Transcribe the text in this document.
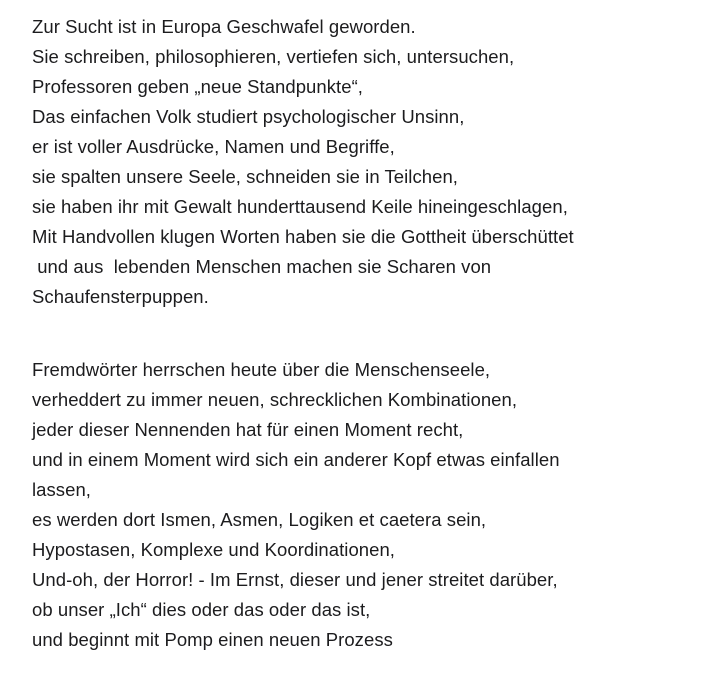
Zur Sucht ist in Europa Geschwafel geworden.
Sie schreiben, philosophieren, vertiefen sich, untersuchen,
Professoren geben „neue Standpunkte“,
Das einfachen Volk studiert psychologischer Unsinn,
er ist voller Ausdrücke, Namen und Begriffe,
sie spalten unsere Seele, schneiden sie in Teilchen,
sie haben ihr mit Gewalt hunderttausend Keile hineingeschlagen,
Mit Handvollen klugen Worten haben sie die Gottheit überschüttet
und aus  lebenden Menschen machen sie Scharen von
Schaufensterpuppen.
Fremdwörter herrschen heute über die Menschenseele,
verheddert zu immer neuen, schrecklichen Kombinationen,
jeder dieser Nennenden hat für einen Moment recht,
und in einem Moment wird sich ein anderer Kopf etwas einfallen
lassen,
es werden dort Ismen, Asmen, Logiken et caetera sein,
Hypostasen, Komplexe und Koordinationen,
Und-oh, der Horror! - Im Ernst, dieser und jener streitet darüber,
ob unser „Ich“ dies oder das oder das ist,
und beginnt mit Pomp einen neuen Prozess
